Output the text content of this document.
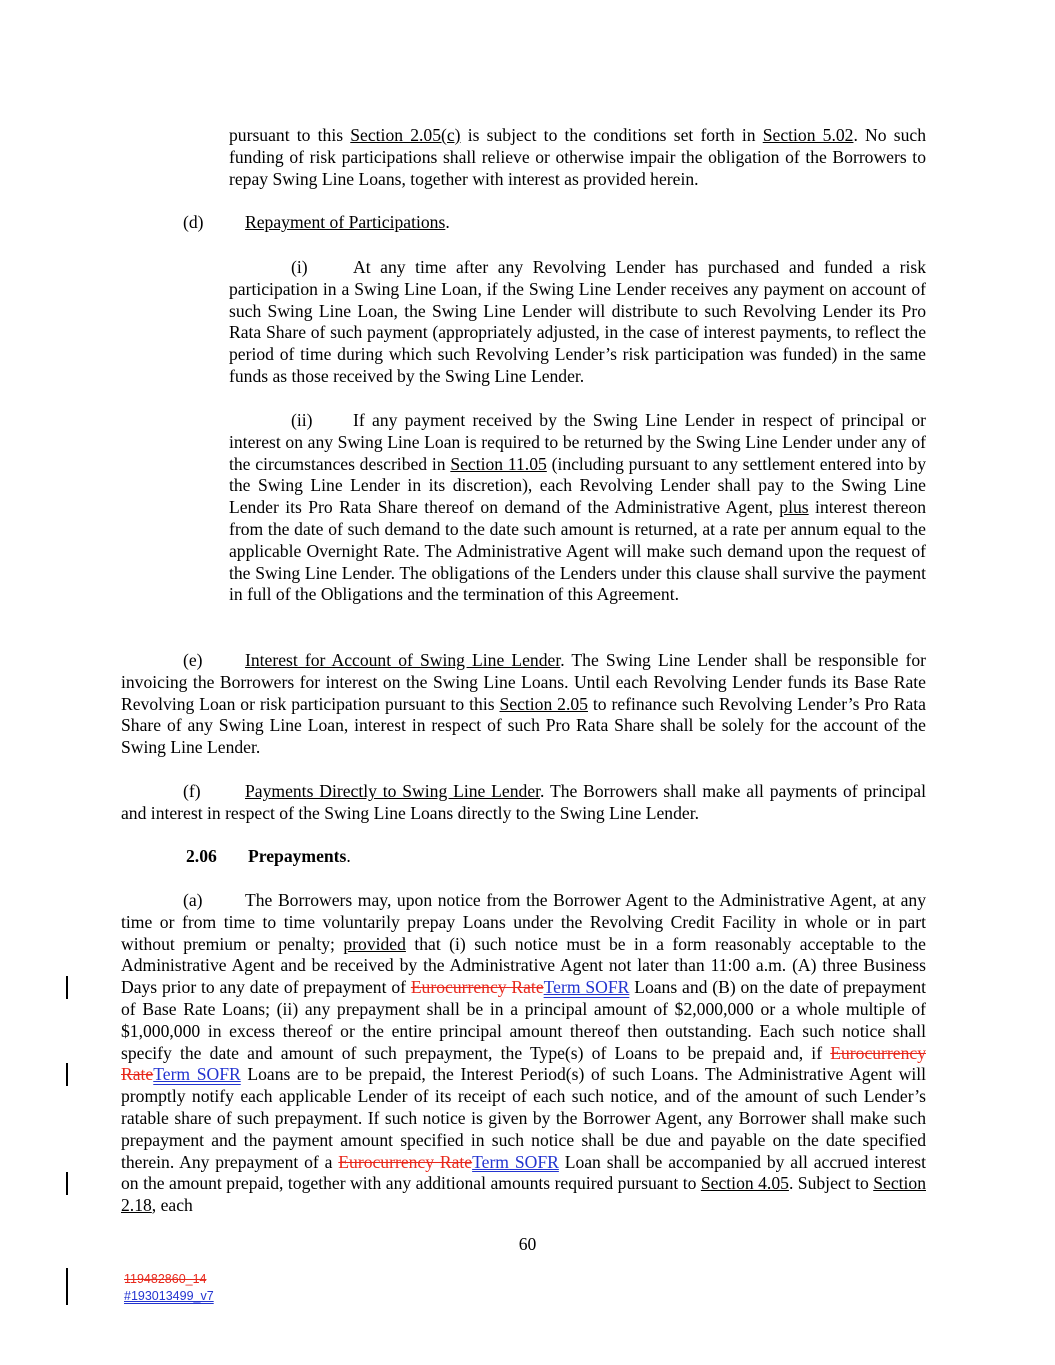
pursuant to this Section 2.05(c) is subject to the conditions set forth in Section 5.02. No such funding of risk participations shall relieve or otherwise impair the obligation of the Borrowers to repay Swing Line Loans, together with interest as provided herein.

(d) Repayment of Participations.

(i)	At any time after any Revolving Lender has purchased and funded a risk participation in a Swing Line Loan, if the Swing Line Lender receives any payment on account of such Swing Line Loan, the Swing Line Lender will distribute to such Revolving Lender its Pro Rata Share of such payment (appropriately adjusted, in the case of interest payments, to reflect the period of time during which such Revolving Lender’s risk participation was funded) in the same funds as those received by the Swing Line Lender.

(ii) If any payment received by the Swing Line Lender in respect of principal or interest on any Swing Line Loan is required to be returned by the Swing Line Lender under any of the circumstances described in Section 11.05 (including pursuant to any settlement entered into by the Swing Line Lender in its discretion), each Revolving Lender shall pay to the Swing Line Lender its Pro Rata Share thereof on demand of the Administrative Agent, plus interest thereon from the date of such demand to the date such amount is returned, at a rate per annum equal to the applicable Overnight Rate. The Administrative Agent will make such demand upon the request of the Swing Line Lender. The obligations of the Lenders under this clause shall survive the payment in full of the Obligations and the termination of this Agreement.

(e) Interest for Account of Swing Line Lender. The Swing Line Lender shall be responsible for invoicing the Borrowers for interest on the Swing Line Loans. Until each Revolving Lender funds its Base Rate Revolving Loan or risk participation pursuant to this Section 2.05 to refinance such Revolving Lender’s Pro Rata Share of any Swing Line Loan, interest in respect of such Pro Rata Share shall be solely for the account of the Swing Line Lender.

(f)	Payments Directly to Swing Line Lender. The Borrowers shall make all payments of principal and interest in respect of the Swing Line Loans directly to the Swing Line Lender.

2.06 Prepayments.

(a) The Borrowers may, upon notice from the Borrower Agent to the Administrative Agent, at any time or from time to time voluntarily prepay Loans under the Revolving Credit Facility in whole or in part without premium or penalty; provided that (i) such notice must be in a form reasonably acceptable to the Administrative Agent and be received by the Administrative Agent not later than 11:00 a.m. (A) three Business Days prior to any date of prepayment of Eurocurrency RateTerm SOFR Loans and (B) on the date of prepayment of Base Rate Loans; (ii) any prepayment shall be in a principal amount of $2,000,000 or a whole multiple of $1,000,000 in excess thereof or the entire principal amount thereof then outstanding. Each such notice shall specify the date and amount of such prepayment, the Type(s) of Loans to be prepaid and, if Eurocurrency RateTerm SOFR Loans are to be prepaid, the Interest Period(s) of such Loans. The Administrative Agent will promptly notify each applicable Lender of its receipt of each such notice, and of the amount of such Lender’s ratable share of such prepayment. If such notice is given by the Borrower Agent, any Borrower shall make such prepayment and the payment amount specified in such notice shall be due and payable on the date specified therein. Any prepayment of a Eurocurrency RateTerm SOFR Loan shall be accompanied by all accrued interest on the amount prepaid, together with any additional amounts required pursuant to Section 4.05. Subject to Section 2.18, each

60
119482860_14
#193013499_v7
